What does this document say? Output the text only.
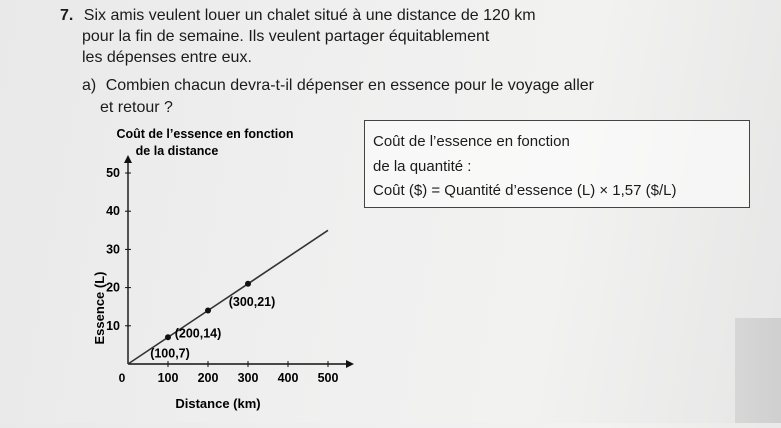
7. Six amis veulent louer un chalet situé à une distance de 120 km
pour la fin de semaine. Ils veulent partager équitablement
les dépenses entre eux.
a) Combien chacun devra-t-il dépenser en essence pour le voyage aller
et retour ?
Coût de l’essence en fonction
de la quantité :
Coût ($) = Quantité d’essence (L) × 1,57 ($/L)
Coût de l’essence en fonction
de la distance
Distance (km)
Essence (L)
0	100 200 300 400 500
10
20
30
40
50
(100,7)
(200,14)
(300,21)
